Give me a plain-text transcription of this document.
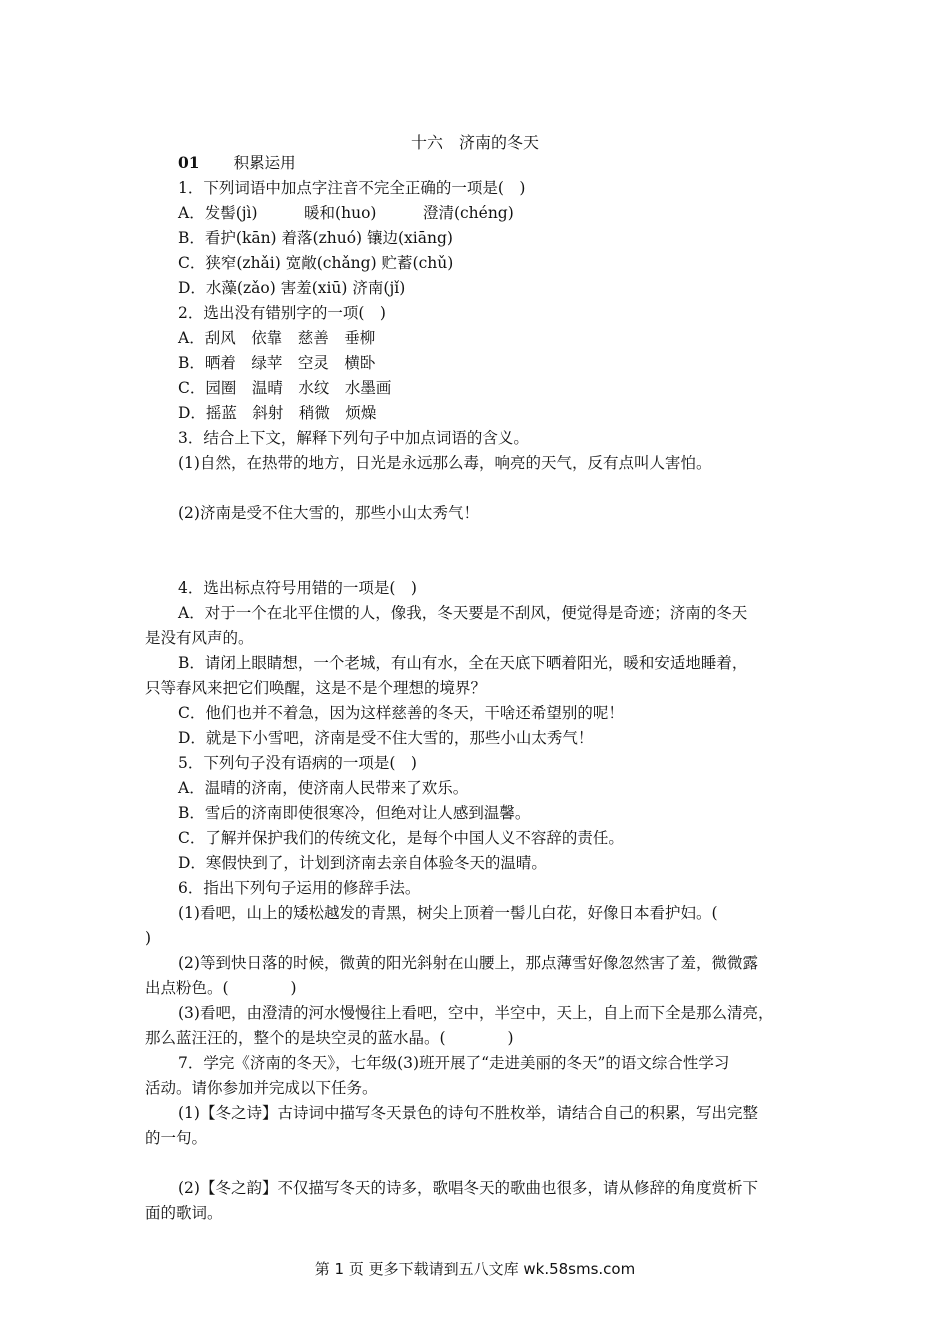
十六　济南的冬天
01 积累运用
1．下列词语中加点字注音不完全正确的一项是(　)
A．发髻(jì)　　　暖和(huo)　　　澄清(chéng)
B．看护(kān) 着落(zhuó) 镶边(xiāng)
C．狭窄(zhǎi) 宽敞(chǎng) 贮蓄(chǔ)
D．水藻(zǎo) 害羞(xiū) 济南(jǐ)
2．选出没有错别字的一项(　)
A．刮风　依靠　慈善　垂柳
B．晒着　绿苹　空灵　横卧
C．园圈　温晴　水纹　水墨画
D．摇蓝　斜射　稍微　烦燥
3．结合上下文，解释下列句子中加点词语的含义。
(1)自然，在热带的地方，日光是永远那么毒，响亮的天气，反有点叫人害怕。
(2)济南是受不住大雪的，那些小山太秀气！
4．选出标点符号用错的一项是(　)
A．对于一个在北平住惯的人，像我，冬天要是不刮风，便觉得是奇迹；济南的冬天
是没有风声的。
B．请闭上眼睛想，一个老城，有山有水，全在天底下晒着阳光，暖和安适地睡着，
只等春风来把它们唤醒，这是不是个理想的境界？
C．他们也并不着急，因为这样慈善的冬天，干啥还希望别的呢！
D．就是下小雪吧，济南是受不住大雪的，那些小山太秀气！
5．下列句子没有语病的一项是(　)
A．温晴的济南，使济南人民带来了欢乐。
B．雪后的济南即使很寒冷，但绝对让人感到温馨。
C．了解并保护我们的传统文化，是每个中国人义不容辞的责任。
D．寒假快到了，计划到济南去亲自体验冬天的温晴。
6．指出下列句子运用的修辞手法。
(1)看吧，山上的矮松越发的青黑，树尖上顶着一髻儿白花，好像日本看护妇。(
)
(2)等到快日落的时候，微黄的阳光斜射在山腰上，那点薄雪好像忽然害了羞，微微露
出点粉色。(　　　　)
(3)看吧，由澄清的河水慢慢往上看吧，空中，半空中，天上，自上而下全是那么清亮，
那么蓝汪汪的，整个的是块空灵的蓝水晶。(　　　　)
7．学完《济南的冬天》，七年级(3)班开展了“走进美丽的冬天”的语文综合性学习
活动。请你参加并完成以下任务。
(1)【冬之诗】古诗词中描写冬天景色的诗句不胜枚举，请结合自己的积累，写出完整
的一句。
(2)【冬之韵】不仅描写冬天的诗多，歌唱冬天的歌曲也很多，请从修辞的角度赏析下
面的歌词。
第 1 页 更多下载请到五八文库 wk.58sms.com
